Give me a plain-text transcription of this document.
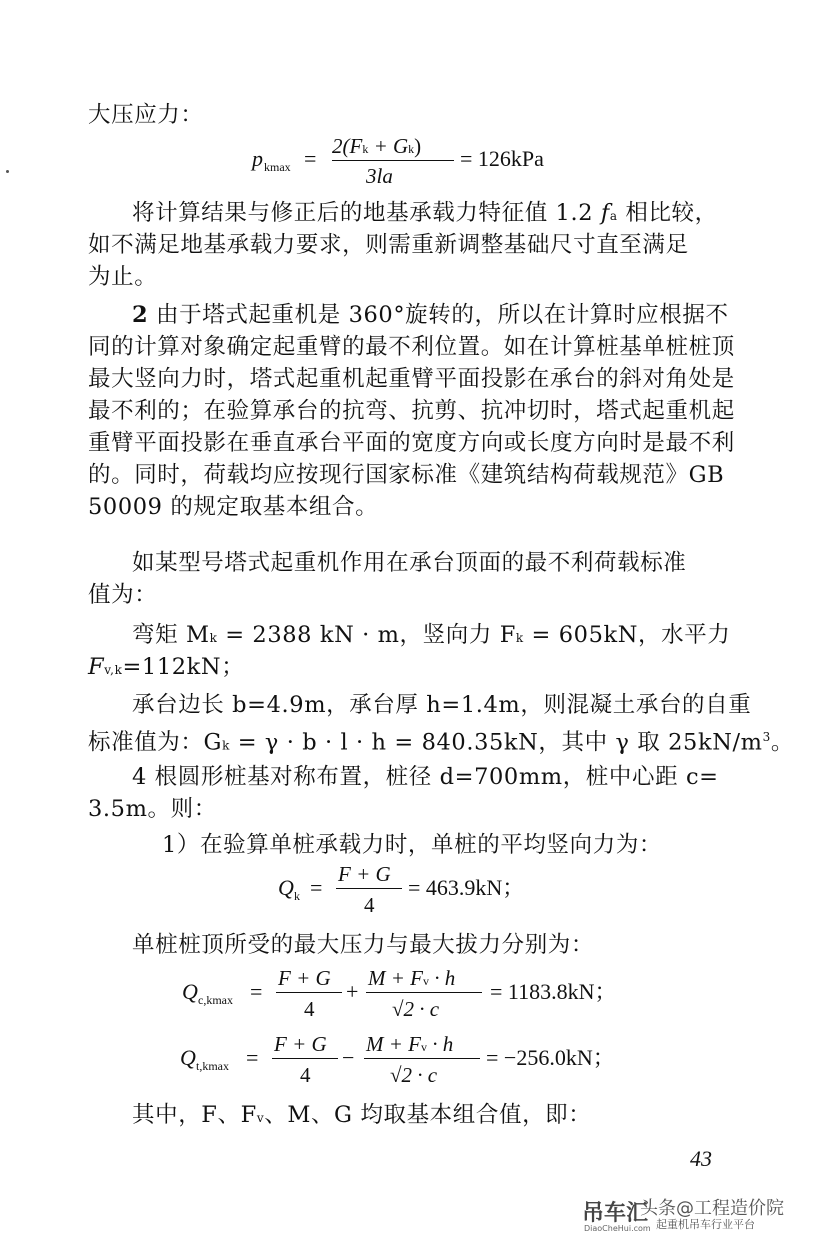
大压应力：
p kmax = 2(Fk + Gk)
3la
= 126kPa
将计算结果与修正后的地基承载力特征值 1.2 fa 相比较，
如不满足地基承载力要求，则需重新调整基础尺寸直至满足
为止。
2 由于塔式起重机是 360°旋转的，所以在计算时应根据不
同的计算对象确定起重臂的最不利位置。如在计算桩基单桩桩顶
最大竖向力时，塔式起重机起重臂平面投影在承台的斜对角处是
最不利的；在验算承台的抗弯、抗剪、抗冲切时，塔式起重机起
重臂平面投影在垂直承台平面的宽度方向或长度方向时是最不利
的。同时，荷载均应按现行国家标准《建筑结构荷载规范》GB
50009 的规定取基本组合。
如某型号塔式起重机作用在承台顶面的最不利荷载标准
值为：
弯矩 Mk = 2388 kN · m，竖向力 Fk = 605kN，水平力
Fv,k=112kN；
承台边长 b=4.9m，承台厚 h=1.4m，则混凝土承台的自重
标准值为：Gk = γ · b · l · h = 840.35kN，其中 γ 取 $25kN/m^3$。
4 根圆形桩基对称布置，桩径 d=700mm，桩中心距 c=
3.5m。则：
1）在验算单桩承载力时，单桩的平均竖向力为：
Q k =
F + G
4
= 463.9kN；
单桩桩顶所受的最大压力与最大拔力分别为：
Q c,kmax =
F + G
4
+
M + Fv · h
√2 · c
= 1183.8kN；
Q t,kmax =
F + G
4
−
M + Fv · h
√2 · c
= −256.0kN；
其中，F、Fv、M、G 均取基本组合值，即：
43
吊车汇
DiaoCheHui.com 起重机吊车行业平台
头条@工程造价院
